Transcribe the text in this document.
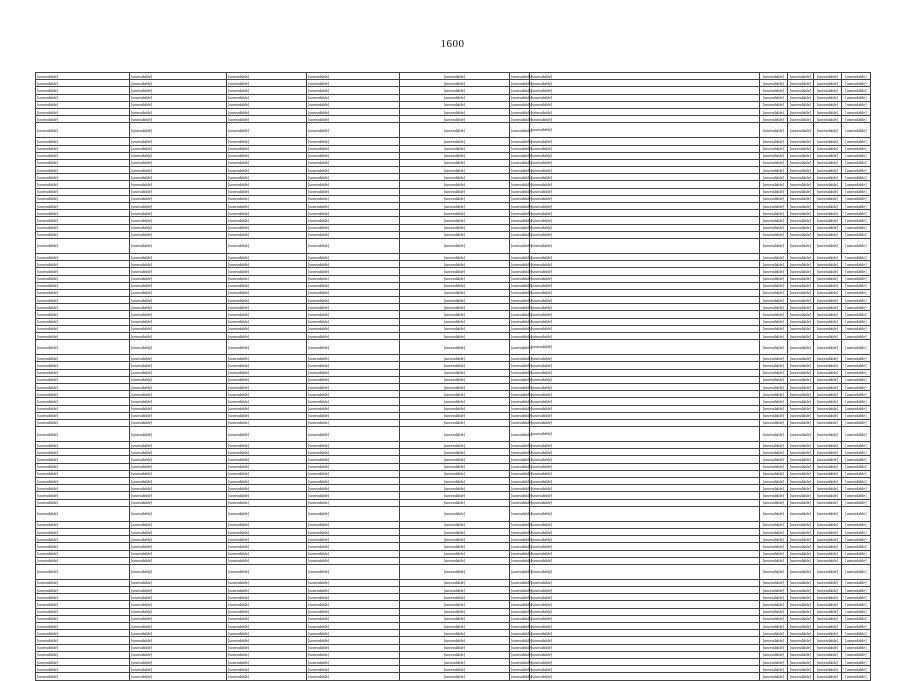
1600
[unreadable]	[unreadable]	[unreadable]	[unreadable]	[unreadable]	[unreadable]	[unreadable]	[unreadable]	[unreadable]	[unreadable]	[unreadable]
[unreadable]	[unreadable]	[unreadable]	[unreadable]	[unreadable]	[unreadable]	[unreadable]	[unreadable]	[unreadable]	[unreadable]	[unreadable]
[unreadable]	[unreadable]	[unreadable]	[unreadable]	[unreadable]	[unreadable]	[unreadable]	[unreadable]	[unreadable]	[unreadable]	[unreadable]
[unreadable]	[unreadable]	[unreadable]	[unreadable]	[unreadable]	[unreadable]	[unreadable]	[unreadable]	[unreadable]	[unreadable]	[unreadable]
[unreadable]	[unreadable]	[unreadable]	[unreadable]	[unreadable]	[unreadable]	[unreadable]	[unreadable]	[unreadable]	[unreadable]	[unreadable]
[unreadable]	[unreadable]	[unreadable]	[unreadable]	[unreadable]	[unreadable]	[unreadable]	[unreadable]	[unreadable]	[unreadable]	[unreadable]
[unreadable]	[unreadable]	[unreadable]	[unreadable]	[unreadable]	[unreadable]	[unreadable]	[unreadable]	[unreadable]	[unreadable]	[unreadable]
[unreadable]	[unreadable]	[unreadable]	[unreadable]	[unreadable]	[unreadable]	[unreadable]	[unreadable]	[unreadable]	[unreadable]	[unreadable]
[unreadable]	[unreadable]	[unreadable]	[unreadable]	[unreadable]	[unreadable]	[unreadable]	[unreadable]	[unreadable]	[unreadable]	[unreadable]
[unreadable]	[unreadable]	[unreadable]	[unreadable]	[unreadable]	[unreadable]	[unreadable]	[unreadable]	[unreadable]	[unreadable]	[unreadable]
[unreadable]	[unreadable]	[unreadable]	[unreadable]	[unreadable]	[unreadable]	[unreadable]	[unreadable]	[unreadable]	[unreadable]	[unreadable]
[unreadable]	[unreadable]	[unreadable]	[unreadable]	[unreadable]	[unreadable]	[unreadable]	[unreadable]	[unreadable]	[unreadable]	[unreadable]
[unreadable]	[unreadable]	[unreadable]	[unreadable]	[unreadable]	[unreadable]	[unreadable]	[unreadable]	[unreadable]	[unreadable]	[unreadable]
[unreadable]	[unreadable]	[unreadable]	[unreadable]	[unreadable]	[unreadable]	[unreadable]	[unreadable]	[unreadable]	[unreadable]	[unreadable]
[unreadable]	[unreadable]	[unreadable]	[unreadable]	[unreadable]	[unreadable]	[unreadable]	[unreadable]	[unreadable]	[unreadable]	[unreadable]
[unreadable]	[unreadable]	[unreadable]	[unreadable]	[unreadable]	[unreadable]	[unreadable]	[unreadable]	[unreadable]	[unreadable]	[unreadable]
[unreadable]	[unreadable]	[unreadable]	[unreadable]	[unreadable]	[unreadable]	[unreadable]	[unreadable]	[unreadable]	[unreadable]	[unreadable]
[unreadable]	[unreadable]	[unreadable]	[unreadable]	[unreadable]	[unreadable]	[unreadable]	[unreadable]	[unreadable]	[unreadable]	[unreadable]
[unreadable]	[unreadable]	[unreadable]	[unreadable]	[unreadable]	[unreadable]	[unreadable]	[unreadable]	[unreadable]	[unreadable]	[unreadable]
[unreadable]	[unreadable]	[unreadable]	[unreadable]	[unreadable]	[unreadable]	[unreadable]	[unreadable]	[unreadable]	[unreadable]	[unreadable]
[unreadable]	[unreadable]	[unreadable]	[unreadable]	[unreadable]	[unreadable]	[unreadable]	[unreadable]	[unreadable]	[unreadable]	[unreadable]
[unreadable]	[unreadable]	[unreadable]	[unreadable]	[unreadable]	[unreadable]	[unreadable]	[unreadable]	[unreadable]	[unreadable]	[unreadable]
[unreadable]	[unreadable]	[unreadable]	[unreadable]	[unreadable]	[unreadable]	[unreadable]	[unreadable]	[unreadable]	[unreadable]	[unreadable]
[unreadable]	[unreadable]	[unreadable]	[unreadable]	[unreadable]	[unreadable]	[unreadable]	[unreadable]	[unreadable]	[unreadable]	[unreadable]
[unreadable]	[unreadable]	[unreadable]	[unreadable]	[unreadable]	[unreadable]	[unreadable]	[unreadable]	[unreadable]	[unreadable]	[unreadable]
[unreadable]	[unreadable]	[unreadable]	[unreadable]	[unreadable]	[unreadable]	[unreadable]	[unreadable]	[unreadable]	[unreadable]	[unreadable]
[unreadable]	[unreadable]	[unreadable]	[unreadable]	[unreadable]	[unreadable]	[unreadable]	[unreadable]	[unreadable]	[unreadable]	[unreadable]
[unreadable]	[unreadable]	[unreadable]	[unreadable]	[unreadable]	[unreadable]	[unreadable]	[unreadable]	[unreadable]	[unreadable]	[unreadable]
[unreadable]	[unreadable]	[unreadable]	[unreadable]	[unreadable]	[unreadable]	[unreadable]	[unreadable]	[unreadable]	[unreadable]	[unreadable]
[unreadable]	[unreadable]	[unreadable]	[unreadable]	[unreadable]	[unreadable]	[unreadable]	[unreadable]	[unreadable]	[unreadable]	[unreadable]
[unreadable]	[unreadable]	[unreadable]	[unreadable]	[unreadable]	[unreadable]	[unreadable]	[unreadable]	[unreadable]	[unreadable]	[unreadable]
[unreadable]	[unreadable]	[unreadable]	[unreadable]	[unreadable]	[unreadable]	[unreadable]	[unreadable]	[unreadable]	[unreadable]	[unreadable]
[unreadable]	[unreadable]	[unreadable]	[unreadable]	[unreadable]	[unreadable]	[unreadable]	[unreadable]	[unreadable]	[unreadable]	[unreadable]
[unreadable]	[unreadable]	[unreadable]	[unreadable]	[unreadable]	[unreadable]	[unreadable]	[unreadable]	[unreadable]	[unreadable]	[unreadable]
[unreadable]	[unreadable]	[unreadable]	[unreadable]	[unreadable]	[unreadable]	[unreadable]	[unreadable]	[unreadable]	[unreadable]	[unreadable]
[unreadable]	[unreadable]	[unreadable]	[unreadable]	[unreadable]	[unreadable]	[unreadable]	[unreadable]	[unreadable]	[unreadable]	[unreadable]
[unreadable]	[unreadable]	[unreadable]	[unreadable]	[unreadable]	[unreadable]	[unreadable]	[unreadable]	[unreadable]	[unreadable]	[unreadable]
[unreadable]	[unreadable]	[unreadable]	[unreadable]	[unreadable]	[unreadable]	[unreadable]	[unreadable]	[unreadable]	[unreadable]	[unreadable]
[unreadable]	[unreadable]	[unreadable]	[unreadable]	[unreadable]	[unreadable]	[unreadable]	[unreadable]	[unreadable]	[unreadable]	[unreadable]
[unreadable]	[unreadable]	[unreadable]	[unreadable]	[unreadable]	[unreadable]	[unreadable]	[unreadable]	[unreadable]	[unreadable]	[unreadable]
[unreadable]	[unreadable]	[unreadable]	[unreadable]	[unreadable]	[unreadable]	[unreadable]	[unreadable]	[unreadable]	[unreadable]	[unreadable]
[unreadable]	[unreadable]	[unreadable]	[unreadable]	[unreadable]	[unreadable]	[unreadable]	[unreadable]	[unreadable]	[unreadable]	[unreadable]
[unreadable]	[unreadable]	[unreadable]	[unreadable]	[unreadable]	[unreadable]	[unreadable]	[unreadable]	[unreadable]	[unreadable]	[unreadable]
[unreadable]	[unreadable]	[unreadable]	[unreadable]	[unreadable]	[unreadable]	[unreadable]	[unreadable]	[unreadable]	[unreadable]	[unreadable]
[unreadable]	[unreadable]	[unreadable]	[unreadable]	[unreadable]	[unreadable]	[unreadable]	[unreadable]	[unreadable]	[unreadable]	[unreadable]
[unreadable]	[unreadable]	[unreadable]	[unreadable]	[unreadable]	[unreadable]	[unreadable]	[unreadable]	[unreadable]	[unreadable]	[unreadable]
[unreadable]	[unreadable]	[unreadable]	[unreadable]	[unreadable]	[unreadable]	[unreadable]	[unreadable]	[unreadable]	[unreadable]	[unreadable]
[unreadable]	[unreadable]	[unreadable]	[unreadable]	[unreadable]	[unreadable]	[unreadable]	[unreadable]	[unreadable]	[unreadable]	[unreadable]
[unreadable]	[unreadable]	[unreadable]	[unreadable]	[unreadable]	[unreadable]	[unreadable]	[unreadable]	[unreadable]	[unreadable]	[unreadable]
[unreadable]	[unreadable]	[unreadable]	[unreadable]	[unreadable]	[unreadable]	[unreadable]	[unreadable]	[unreadable]	[unreadable]	[unreadable]
[unreadable]	[unreadable]	[unreadable]	[unreadable]	[unreadable]	[unreadable]	[unreadable]	[unreadable]	[unreadable]	[unreadable]	[unreadable]
[unreadable]	[unreadable]	[unreadable]	[unreadable]	[unreadable]	[unreadable]	[unreadable]	[unreadable]	[unreadable]	[unreadable]	[unreadable]
[unreadable]	[unreadable]	[unreadable]	[unreadable]	[unreadable]	[unreadable]	[unreadable]	[unreadable]	[unreadable]	[unreadable]	[unreadable]
[unreadable]	[unreadable]	[unreadable]	[unreadable]	[unreadable]	[unreadable]	[unreadable]	[unreadable]	[unreadable]	[unreadable]	[unreadable]
[unreadable]	[unreadable]	[unreadable]	[unreadable]	[unreadable]	[unreadable]	[unreadable]	[unreadable]	[unreadable]	[unreadable]	[unreadable]
[unreadable]	[unreadable]	[unreadable]	[unreadable]	[unreadable]	[unreadable]	[unreadable]	[unreadable]	[unreadable]	[unreadable]	[unreadable]
[unreadable]	[unreadable]	[unreadable]	[unreadable]	[unreadable]	[unreadable]	[unreadable]	[unreadable]	[unreadable]	[unreadable]	[unreadable]
[unreadable]	[unreadable]	[unreadable]	[unreadable]	[unreadable]	[unreadable]	[unreadable]	[unreadable]	[unreadable]	[unreadable]	[unreadable]
[unreadable]	[unreadable]	[unreadable]	[unreadable]	[unreadable]	[unreadable]	[unreadable]	[unreadable]	[unreadable]	[unreadable]	[unreadable]
[unreadable]	[unreadable]	[unreadable]	[unreadable]	[unreadable]	[unreadable]	[unreadable]	[unreadable]	[unreadable]	[unreadable]	[unreadable]
[unreadable]	[unreadable]	[unreadable]	[unreadable]	[unreadable]	[unreadable]	[unreadable]	[unreadable]	[unreadable]	[unreadable]	[unreadable]
[unreadable]	[unreadable]	[unreadable]	[unreadable]	[unreadable]	[unreadable]	[unreadable]	[unreadable]	[unreadable]	[unreadable]	[unreadable]
[unreadable]	[unreadable]	[unreadable]	[unreadable]	[unreadable]	[unreadable]	[unreadable]	[unreadable]	[unreadable]	[unreadable]	[unreadable]
[unreadable]	[unreadable]	[unreadable]	[unreadable]	[unreadable]	[unreadable]	[unreadable]	[unreadable]	[unreadable]	[unreadable]	[unreadable]
[unreadable]	[unreadable]	[unreadable]	[unreadable]	[unreadable]	[unreadable]	[unreadable]	[unreadable]	[unreadable]	[unreadable]	[unreadable]
[unreadable]	[unreadable]	[unreadable]	[unreadable]	[unreadable]	[unreadable]	[unreadable]	[unreadable]	[unreadable]	[unreadable]	[unreadable]
[unreadable]	[unreadable]	[unreadable]	[unreadable]	[unreadable]	[unreadable]	[unreadable]	[unreadable]	[unreadable]	[unreadable]	[unreadable]
[unreadable]	[unreadable]	[unreadable]	[unreadable]	[unreadable]	[unreadable]	[unreadable]	[unreadable]	[unreadable]	[unreadable]	[unreadable]
[unreadable]	[unreadable]	[unreadable]	[unreadable]	[unreadable]	[unreadable]	[unreadable]	[unreadable]	[unreadable]	[unreadable]	[unreadable]
[unreadable]	[unreadable]	[unreadable]	[unreadable]	[unreadable]	[unreadable]	[unreadable]	[unreadable]	[unreadable]	[unreadable]	[unreadable]
[unreadable]	[unreadable]	[unreadable]	[unreadable]	[unreadable]	[unreadable]	[unreadable]	[unreadable]	[unreadable]	[unreadable]	[unreadable]
[unreadable]	[unreadable]	[unreadable]	[unreadable]	[unreadable]	[unreadable]	[unreadable]	[unreadable]	[unreadable]	[unreadable]	[unreadable]
[unreadable]	[unreadable]	[unreadable]	[unreadable]	[unreadable]	[unreadable]	[unreadable]	[unreadable]	[unreadable]	[unreadable]	[unreadable]
[unreadable]	[unreadable]	[unreadable]	[unreadable]	[unreadable]	[unreadable]	[unreadable]	[unreadable]	[unreadable]	[unreadable]	[unreadable]
[unreadable]	[unreadable]	[unreadable]	[unreadable]	[unreadable]	[unreadable]	[unreadable]	[unreadable]	[unreadable]	[unreadable]	[unreadable]
[unreadable]	[unreadable]	[unreadable]	[unreadable]	[unreadable]	[unreadable]	[unreadable]	[unreadable]	[unreadable]	[unreadable]	[unreadable]
[unreadable]	[unreadable]	[unreadable]	[unreadable]	[unreadable]	[unreadable]	[unreadable]	[unreadable]	[unreadable]	[unreadable]	[unreadable]
[unreadable]	[unreadable]	[unreadable]	[unreadable]	[unreadable]	[unreadable]	[unreadable]	[unreadable]	[unreadable]	[unreadable]	[unreadable]
